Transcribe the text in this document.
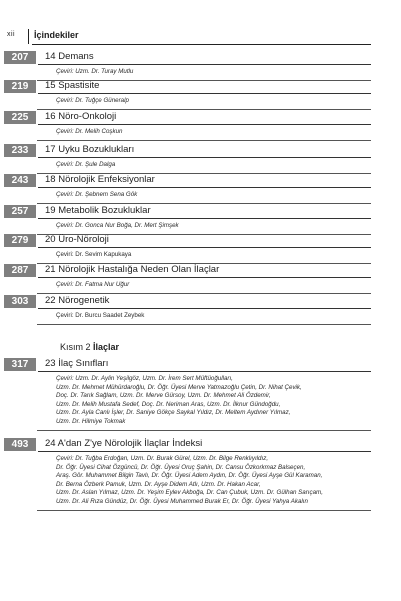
xii İçindekiler
Kısım 2 İlaçlar
207	14 Demans
Çeviri: Uzm. Dr. Turay Mutlu
219	15 Spastisite
Çeviri: Dr. Tuğçe Güneralp
225	16 Nöro-Onkoloji
Çeviri: Dr. Melih Coşkun
233	17 Uyku Bozuklukları
Çeviri: Dr. Şule Dalga
243	18 Nörolojik Enfeksiyonlar
Çeviri: Dr. Şebnem Sena Gök
257	19 Metabolik Bozukluklar
Çeviri: Dr. Gonca Nur Boğa, Dr. Mert Şimşek
279	20 Üro-Nöroloji
Çeviri: Dr. Sevim Kapukaya
287	21 Nörolojik Hastalığa Neden Olan İlaçlar
Çeviri: Dr. Fatma Nur Uğur
303	22 Nörogenetik
Çeviri: Dr. Burcu Saadet Zeybek
317	23 İlaç Sınıfları
Çeviri: Uzm. Dr. Aylin Yeşilgöz, Uzm. Dr. İrem Sert Müftüoğulları,
Uzm. Dr. Mehmet Mühürdaroğlu, Dr. Öğr. Üyesi Merve Yatmazoğlu Çetin, Dr. Nihat Çevik,
Doç. Dr. Tarık Sağlam, Uzm. Dr. Merve Gürsoy, Uzm. Dr. Mehmet Ali Özdemir,
Uzm. Dr. Melih Mustafa Sedef, Doç. Dr. Neriman Aras, Uzm. Dr. İlknur Gündoğdu,
Uzm. Dr. Ayla Canlı İşler, Dr. Saniye Gökçe Saykal Yıldız, Dr. Meltem Aydıner Yılmaz,
Uzm. Dr. Hilmiye Tokmak
493	24 A'dan Z'ye Nörolojik İlaçlar İndeksi
Çeviri: Dr. Tuğba Erdoğan, Uzm. Dr. Burak Gürel, Uzm. Dr. Bilge Renklıyıldız,
Dr. Öğr. Üyesi Cihat Özgüncü, Dr. Öğr. Üyesi Oruç Şahin, Dr. Cansu Özkorkmaz Balseçen,
Araş. Gör. Muhammet Bilgin Tavlı, Dr. Öğr. Üyesi Adem Aydın, Dr. Öğr. Üyesi Ayşe Gül Karaman,
Dr. Berna Özberk Pamuk, Uzm. Dr. Ayşe Didem Atlı, Uzm. Dr. Hakan Acar,
Uzm. Dr. Aslan Yılmaz, Uzm. Dr. Yeşim Eylev Akboğa, Dr. Can Çubuk, Uzm. Dr. Gülhan Sarıçam,
Uzm. Dr. Ali Rıza Gündüz, Dr. Öğr. Üyesi Muhammed Burak Er, Dr. Öğr. Üyesi Yahya Akalın
